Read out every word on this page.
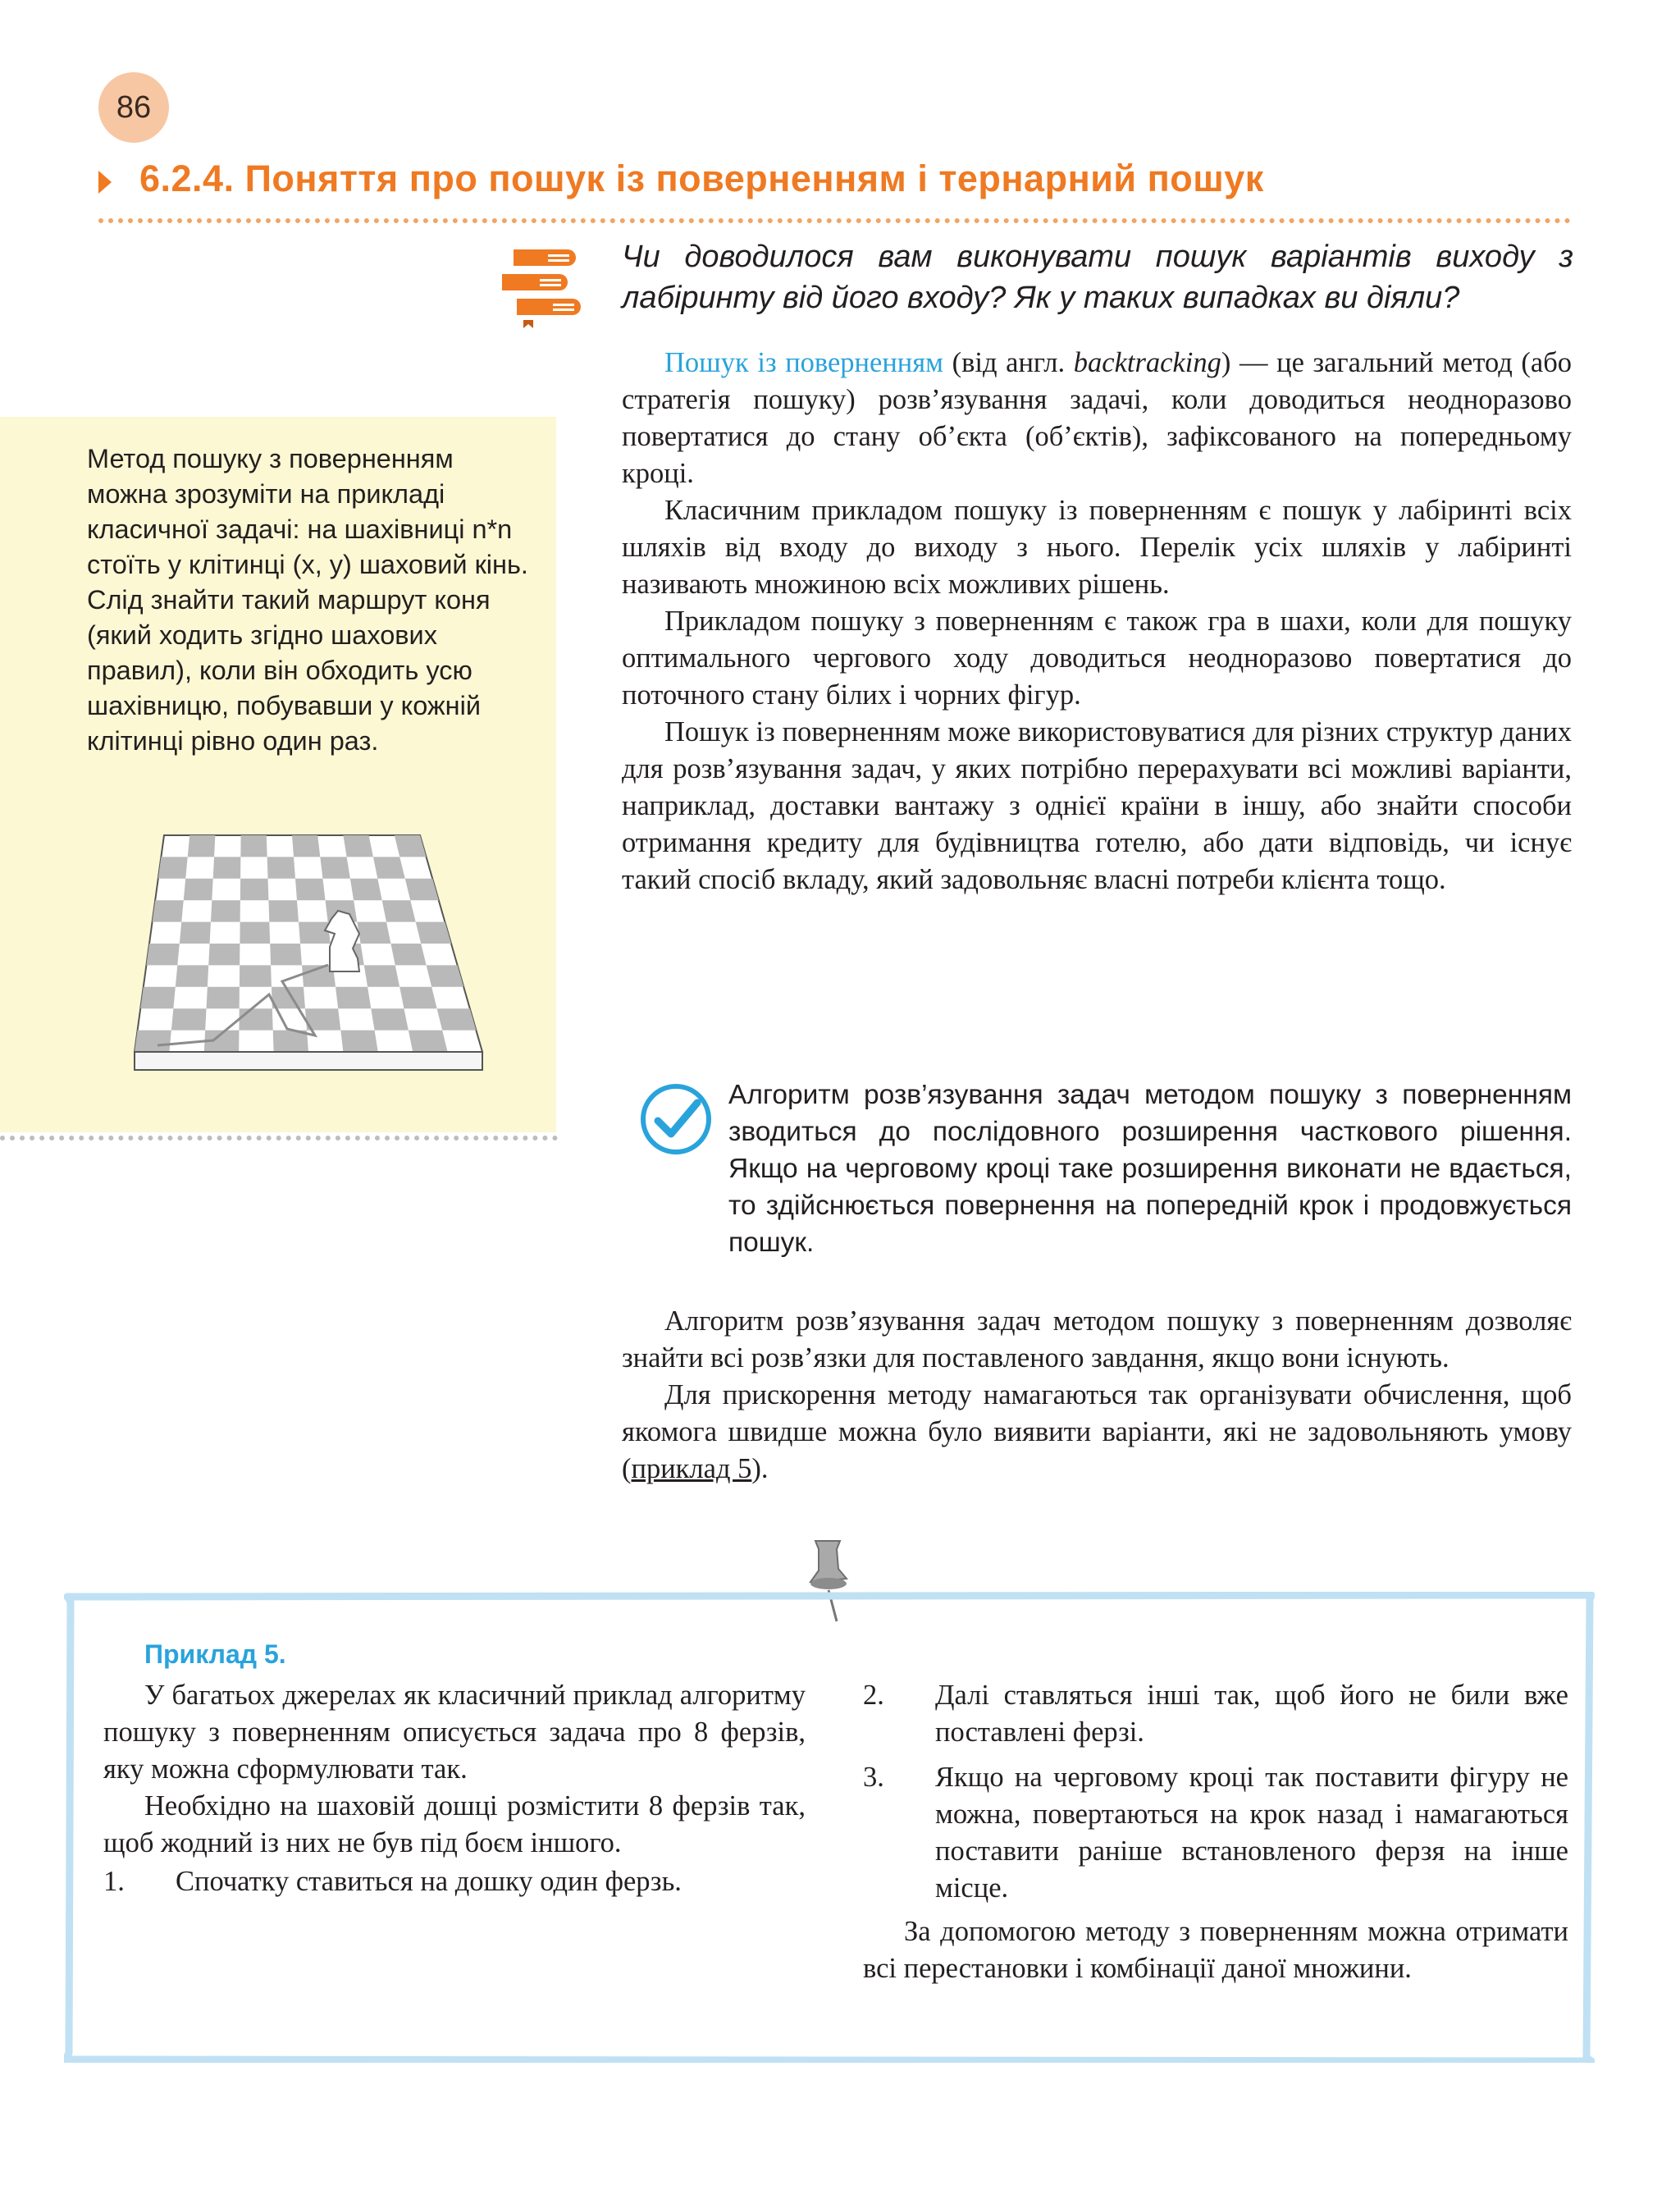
86
6.2.4. Поняття про пошук із поверненням і тернарний пошук
Чи доводилося вам виконувати пошук варіантів виходу з лабіринту від його входу? Як у таких випадках ви діяли?

Пошук із поверненням (від англ. backtracking) — це загальний метод (або стратегія пошуку) розв’язування задачі, коли доводиться неодноразово повертатися до стану об’єкта (об’єктів), зафіксованого на попередньому кроці.

Класичним прикладом пошуку із поверненням є пошук у лабіринті всіх шляхів від входу до виходу з нього. Перелік усіх шляхів у лабіринті називають множиною всіх можливих рішень.

Прикладом пошуку з поверненням є також гра в шахи, коли для пошуку оптимального чергового ходу доводиться неодноразово повертатися до поточного стану білих і чорних фігур.

Пошук із поверненням може використовуватися для різних структур даних для розв’язування задач, у яких потрібно перерахувати всі можливі варіанти, наприклад, доставки вантажу з однієї країни в іншу, або знайти способи отримання кредиту для будівництва готелю, або дати відповідь, чи існує такий спосіб вкладу, який задовольняє власні потреби клієнта тощо.

Метод пошуку з поверненням можна зрозуміти на прикладі класичної задачі: на шахівниці n*n стоїть у клітинці (x, y) шаховий кінь. Слід знайти такий маршрут коня (який ходить згідно шахових правил), коли він обходить усю шахівницю, побувавши у кожній клітинці рівно один раз.

Алгоритм розв’язування задач методом пошуку з поверненням зводиться до послідовного розширення часткового рішення. Якщо на черговому кроці таке розширення виконати не вдається, то здійснюється повернення на попередній крок і продовжується пошук.

Алгоритм розв’язування задач методом пошуку з поверненням дозволяє знайти всі розв’язки для поставленого завдання, якщо вони існують.

Для прискорення методу намагаються так організувати обчислення, щоб якомога швидше можна було виявити варіанти, які не задовольняють умову (приклад 5).

Приклад 5.

У багатьох джерелах як класичний приклад алгоритму пошуку з поверненням описується задача про 8 ферзів, яку можна сформулювати так.

Необхідно на шаховій дошці розмістити 8 ферзів так, щоб жодний із них не був під боєм іншого.

1. Спочатку ставиться на дошку один ферзь.
2. Далі ставляться інші так, щоб його не били вже поставлені ферзі.
3. Якщо на черговому кроці так поставити фігуру не можна, повертаються на крок назад і намагаються поставити раніше встановленого ферзя на інше місце.

За допомогою методу з поверненням можна отримати всі перестановки і комбінації даної множини.
